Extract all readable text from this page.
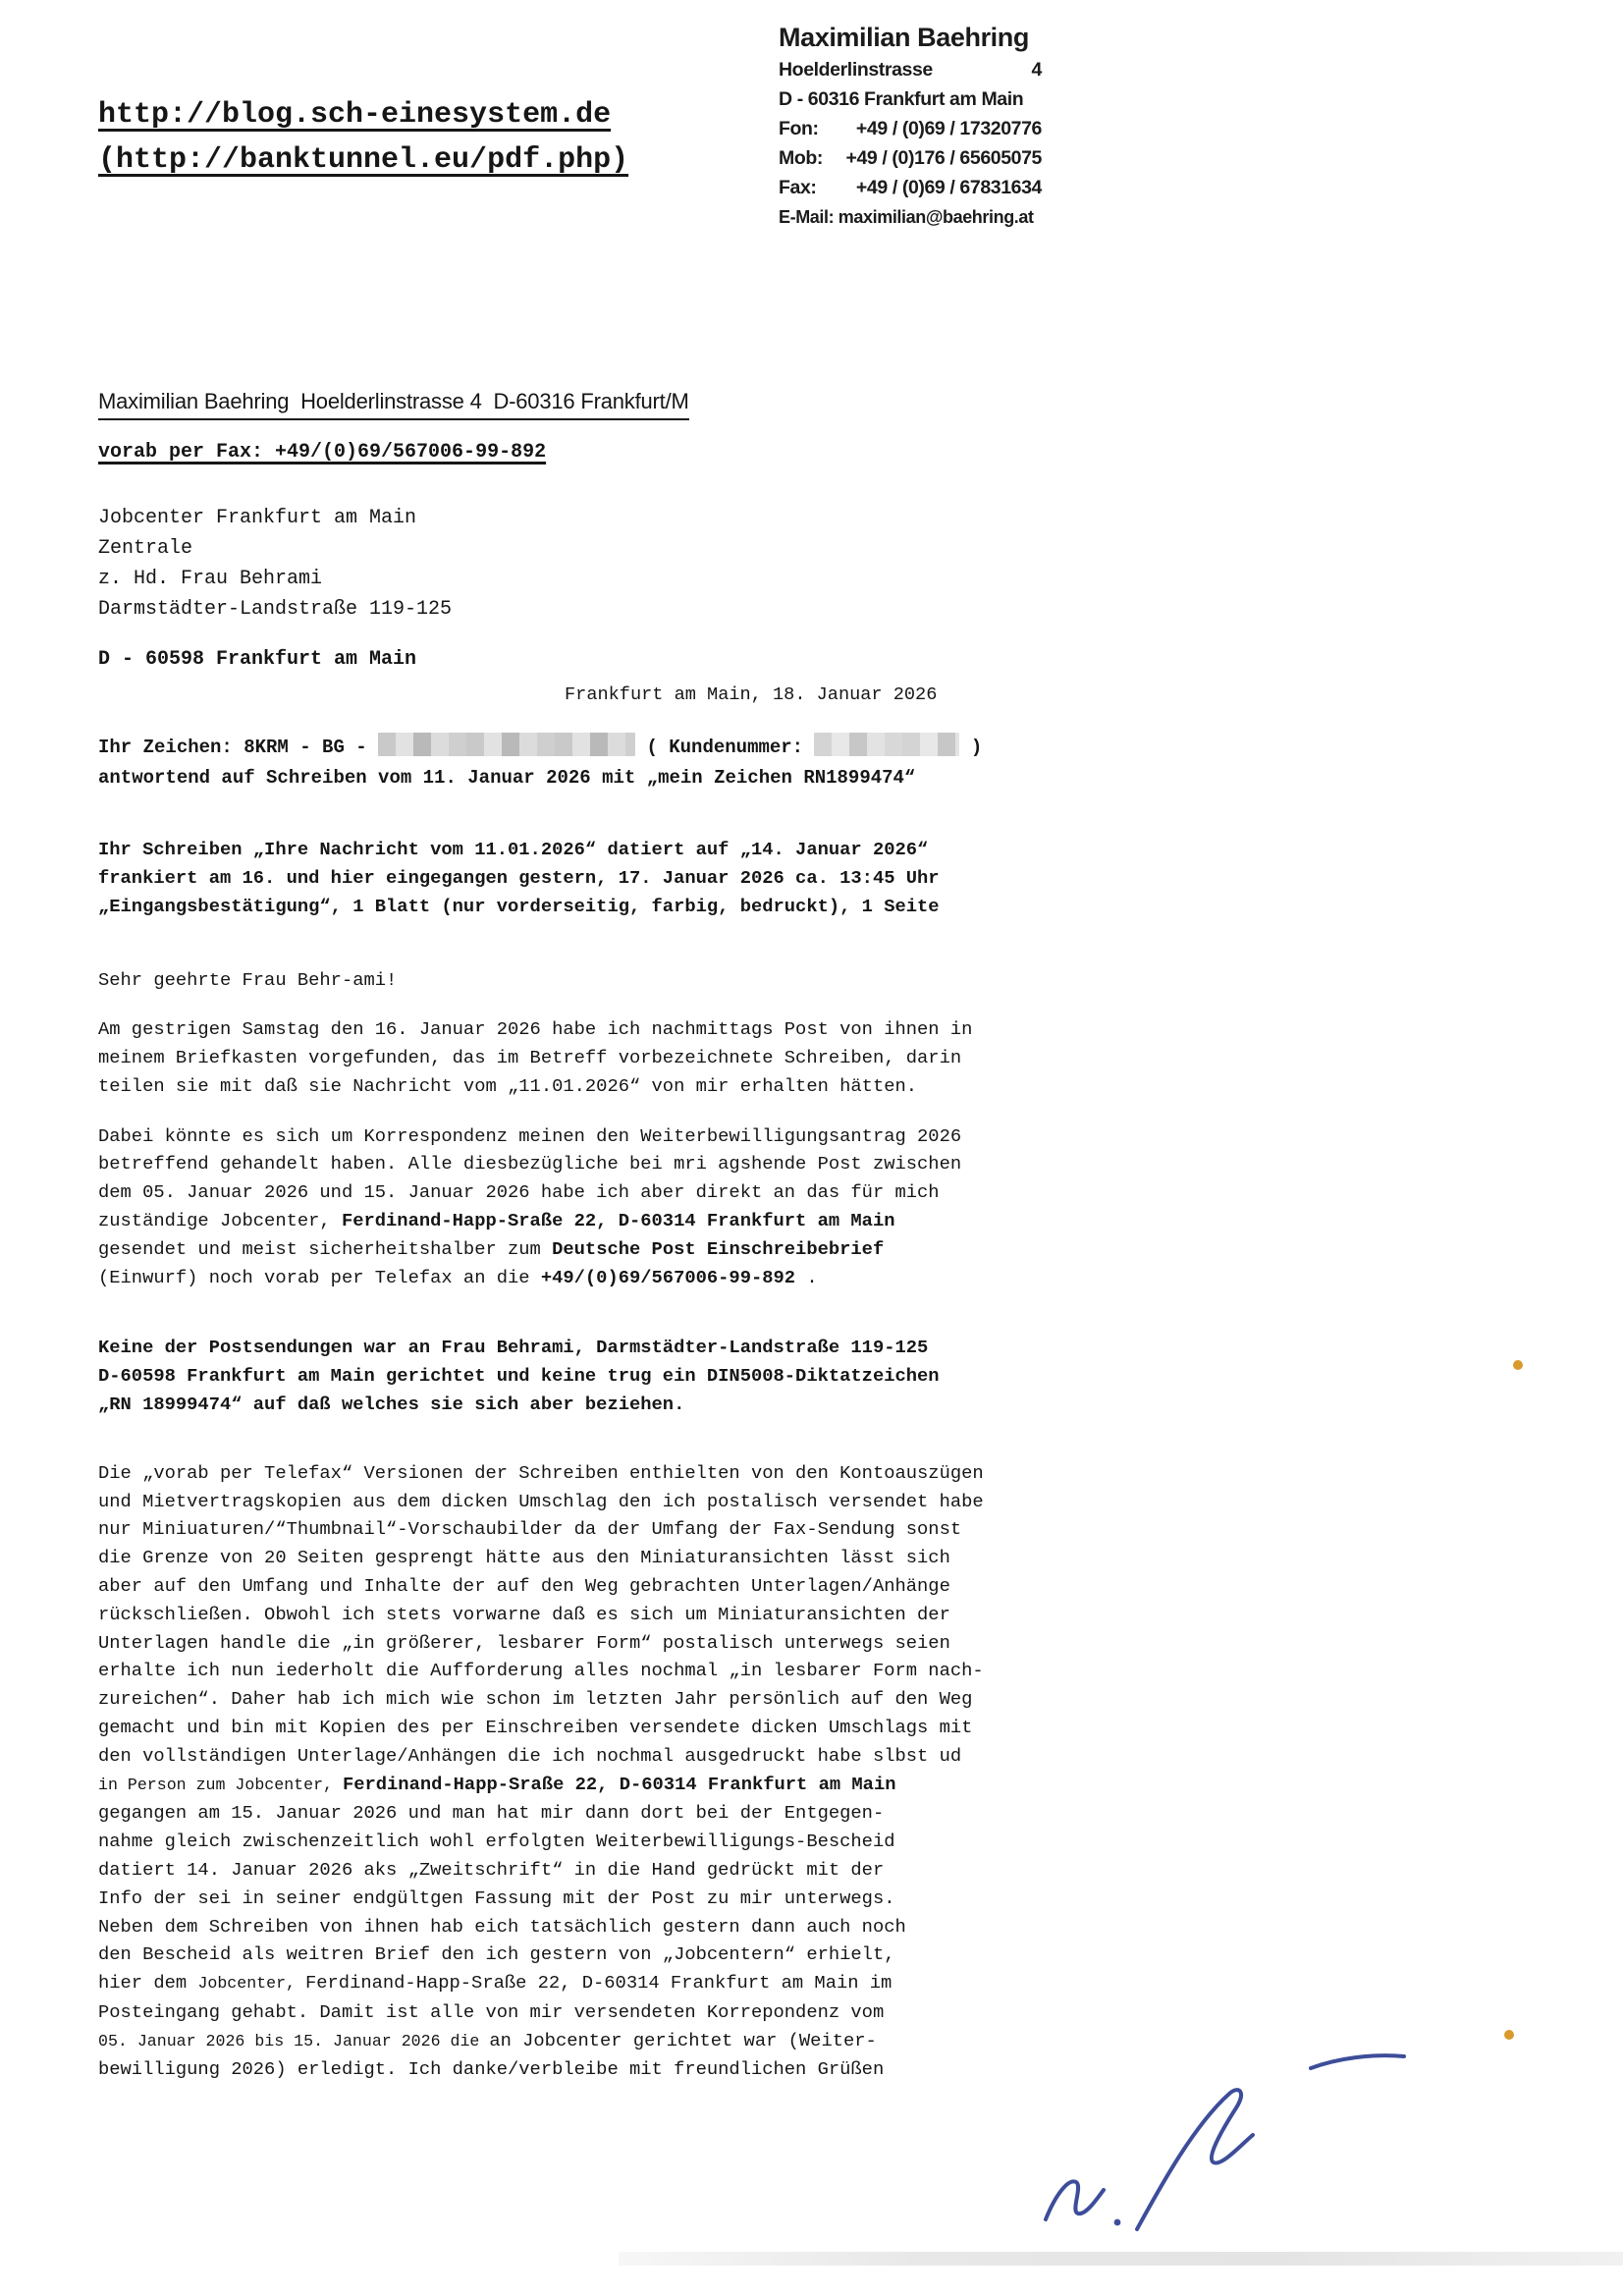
http://blog.sch-einesystem.de
(http://banktunnel.eu/pdf.php)
Maximilian Baehring
Hoelderlinstrasse	4
D - 60316 Frankfurt am Main
Fon: +49 / (0)69 / 17320776
Mob: +49 / (0)176 / 65605075
Fax: +49 / (0)69 / 67831634
E-Mail: maximilian@baehring.at
Maximilian Baehring  Hoelderlinstrasse 4  D-60316 Frankfurt/M
vorab per Fax: +49/(0)69/567006-99-892
Jobcenter Frankfurt am Main
Zentrale
z. Hd. Frau Behrami
Darmstädter-Landstraße 119-125
D - 60598 Frankfurt am Main
Frankfurt am Main, 18. Januar 2026
Ihr Zeichen: 8KRM - BG -	( Kundenummer:	)
antwortend auf Schreiben vom 11. Januar 2026 mit „mein Zeichen RN1899474“
Ihr Schreiben „Ihre Nachricht vom 11.01.2026“ datiert auf „14. Januar 2026“
frankiert am 16. und hier eingegangen gestern, 17. Januar 2026 ca. 13:45 Uhr
„Eingangsbestätigung“, 1 Blatt (nur vorderseitig, farbig, bedruckt), 1 Seite
Sehr geehrte Frau Behr-ami!
Am gestrigen Samstag den 16. Januar 2026 habe ich nachmittags Post von ihnen in
meinem Briefkasten vorgefunden, das im Betreff vorbezeichnete Schreiben, darin
teilen sie mit daß sie Nachricht vom „11.01.2026“ von mir erhalten hätten.
Dabei könnte es sich um Korrespondenz meinen den Weiterbewilligungsantrag 2026
betreffend gehandelt haben. Alle diesbezügliche bei mri agshende Post zwischen
dem 05. Januar 2026 und 15. Januar 2026 habe ich aber direkt an das für mich
zuständige Jobcenter, Ferdinand-Happ-Sraße 22, D-60314 Frankfurt am Main
gesendet und meist sicherheitshalber zum Deutsche Post Einschreibebrief
(Einwurf) noch vorab per Telefax an die +49/(0)69/567006-99-892 .
Keine der Postsendungen war an Frau Behrami, Darmstädter-Landstraße 119-125
D-60598 Frankfurt am Main gerichtet und keine trug ein DIN5008-Diktatzeichen
„RN 18999474“ auf daß welches sie sich aber beziehen.
Die „vorab per Telefax“ Versionen der Schreiben enthielten von den Kontoauszügen
und Mietvertragskopien aus dem dicken Umschlag den ich postalisch versendet habe
nur Miniuaturen/“Thumbnail“-Vorschaubilder da der Umfang der Fax-Sendung sonst
die Grenze von 20 Seiten gesprengt hätte aus den Miniaturansichten lässt sich
aber auf den Umfang und Inhalte der auf den Weg gebrachten Unterlagen/Anhänge
rückschließen. Obwohl ich stets vorwarne daß es sich um Miniaturansichten der
Unterlagen handle die „in größerer, lesbarer Form“ postalisch unterwegs seien
erhalte ich nun iederholt die Aufforderung alles nochmal „in lesbarer Form nach-
zureichen“. Daher hab ich mich wie schon im letzten Jahr persönlich auf den Weg
gemacht und bin mit Kopien des per Einschreiben versendete dicken Umschlags mit
den vollständigen Unterlage/Anhängen die ich nochmal ausgedruckt habe slbst ud
in Person zum Jobcenter, Ferdinand-Happ-Sraße 22, D-60314 Frankfurt am Main
gegangen am 15. Januar 2026 und man hat mir dann dort bei der Entgegen-
nahme gleich zwischenzeitlich wohl erfolgten Weiterbewilligungs-Bescheid
datiert 14. Januar 2026 aks „Zweitschrift“ in die Hand gedrückt mit der
Info der sei in seiner endgültgen Fassung mit der Post zu mir unterwegs.
Neben dem Schreiben von ihnen hab eich tatsächlich gestern dann auch noch
den Bescheid als weitren Brief den ich gestern von „Jobcentern“ erhielt,
hier dem Jobcenter, Ferdinand-Happ-Sraße 22, D-60314 Frankfurt am Main im
Posteingang gehabt. Damit ist alle von mir versendeten Korrepondenz vom
05. Januar 2026 bis 15. Januar 2026 die an Jobcenter gerichtet war (Weiter-
bewilligung 2026) erledigt. Ich danke/verbleibe mit freundlichen Grüßen
